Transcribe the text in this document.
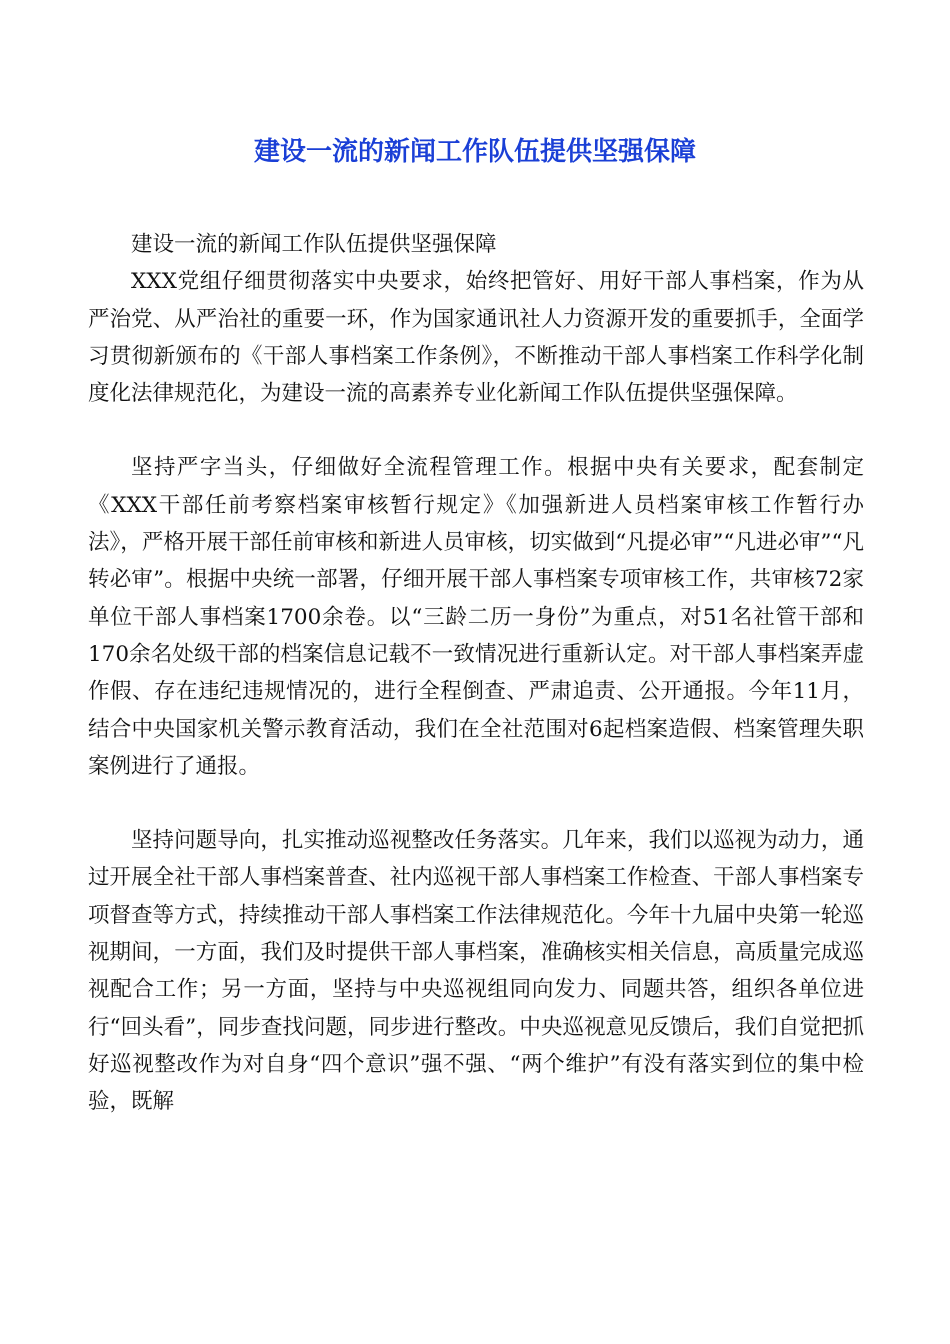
建设一流的新闻工作队伍提供坚强保障

建设一流的新闻工作队伍提供坚强保障

XXX党组仔细贯彻落实中央要求，始终把管好、用好干部人事档案，作为从严治党、从严治社的重要一环，作为国家通讯社人力资源开发的重要抓手，全面学习贯彻新颁布的《干部人事档案工作条例》，不断推动干部人事档案工作科学化制度化法律规范化，为建设一流的高素养专业化新闻工作队伍提供坚强保障。

坚持严字当头，仔细做好全流程管理工作。根据中央有关要求，配套制定《XXX干部任前考察档案审核暂行规定》《加强新进人员档案审核工作暂行办法》，严格开展干部任前审核和新进人员审核，切实做到“凡提必审”“凡进必审”“凡转必审”。根据中央统一部署，仔细开展干部人事档案专项审核工作，共审核72家单位干部人事档案1700余卷。以“三龄二历一身份”为重点，对51名社管干部和170余名处级干部的档案信息记载不一致情况进行重新认定。对干部人事档案弄虚作假、存在违纪违规情况的，进行全程倒查、严肃追责、公开通报。今年11月，结合中央国家机关警示教育活动，我们在全社范围对6起档案造假、档案管理失职案例进行了通报。

坚持问题导向，扎实推动巡视整改任务落实。几年来，我们以巡视为动力，通过开展全社干部人事档案普查、社内巡视干部人事档案工作检查、干部人事档案专项督查等方式，持续推动干部人事档案工作法律规范化。今年十九届中央第一轮巡视期间，一方面，我们及时提供干部人事档案，准确核实相关信息，高质量完成巡视配合工作；另一方面，坚持与中央巡视组同向发力、同题共答，组织各单位进行“回头看”，同步查找问题，同步进行整改。中央巡视意见反馈后，我们自觉把抓好巡视整改作为对自身“四个意识”强不强、“两个维护”有没有落实到位的集中检验，既解
